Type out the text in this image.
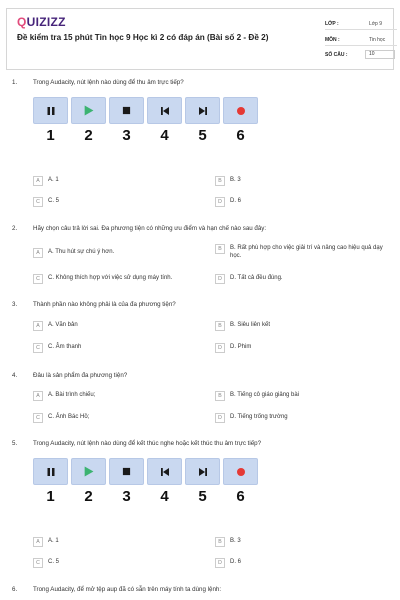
QUIZIZZ
Đề kiểm tra 15 phút Tin học 9 Học kì 2 có đáp án (Bài số 2 - Đề 2)
LỚP :	Lớp 9
MÔN :	Tin học
SỐ CÂU :	10
1.	Trong Audacity, nút lệnh nào dùng để thu âm trực tiếp?
1	2	3	4	5	6
A	A. 1	B	B. 3
C	C. 5	D	D. 6
2.	Hãy chọn câu trả lời sai. Đa phương tiện có những ưu điểm và hạn chế nào sau đây:
A	A. Thu hút sự chú ý hơn.	B	B. Rất phù hợp cho việc giải trí và nâng cao hiệu quả dạy học.
C	C. Không thích hợp với việc sử dụng máy tính.	D	D. Tất cả đều đúng.
3.	Thành phần nào không phải là của đa phương tiện?
A	A. Văn bản	B	B. Siêu liên kết
C	C. Âm thanh	D	D. Phim
4.	Đâu là sản phẩm đa phương tiện?
A	A. Bài trình chiếu;	B	B. Tiếng cô giáo giảng bài
C	C. Ảnh Bác Hồ;	D	D. Tiếng trống trường
5.	Trong Audacity, nút lệnh nào dùng để kết thúc nghe hoặc kết thúc thu âm trực tiếp?
1	2	3	4	5	6
A	A. 1	B	B. 3
C	C. 5	D	D. 6
6.	Trong Audacity, để mở tệp aup đã có sẵn trên máy tính ta dùng lệnh:
